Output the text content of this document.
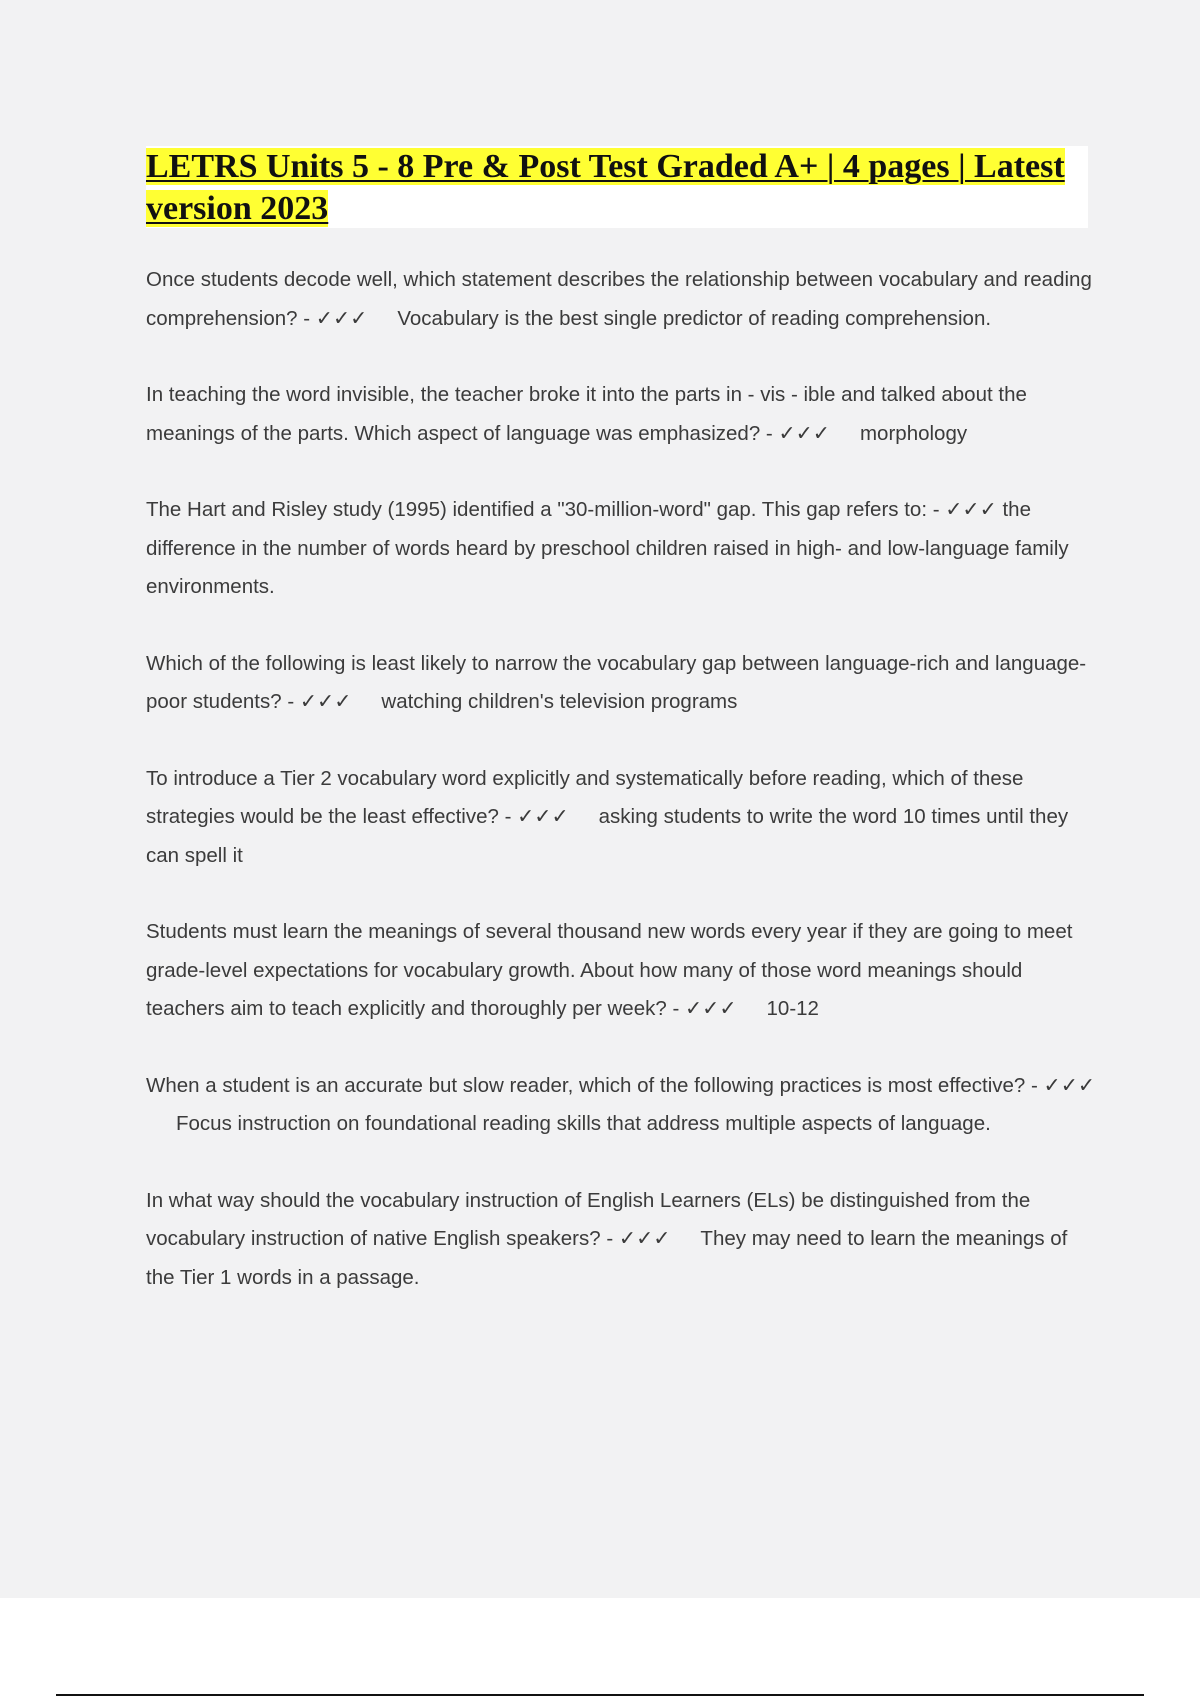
LETRS Units 5 - 8 Pre & Post Test Graded A+ | 4 pages | Latest version 2023
Once students decode well, which statement describes the relationship between vocabulary and reading comprehension? - ✓✓✓ Vocabulary is the best single predictor of reading comprehension.
In teaching the word invisible, the teacher broke it into the parts in - vis - ible and talked about the meanings of the parts. Which aspect of language was emphasized? - ✓✓✓ morphology
The Hart and Risley study (1995) identified a "30-million-word" gap. This gap refers to: - ✓✓✓ the difference in the number of words heard by preschool children raised in high- and low-language family environments.
Which of the following is least likely to narrow the vocabulary gap between language-rich and language-poor students? - ✓✓✓ watching children's television programs
To introduce a Tier 2 vocabulary word explicitly and systematically before reading, which of these strategies would be the least effective? - ✓✓✓ asking students to write the word 10 times until they can spell it
Students must learn the meanings of several thousand new words every year if they are going to meet grade-level expectations for vocabulary growth. About how many of those word meanings should teachers aim to teach explicitly and thoroughly per week? - ✓✓✓ 10-12
When a student is an accurate but slow reader, which of the following practices is most effective? - ✓✓✓Focus instruction on foundational reading skills that address multiple aspects of language.
In what way should the vocabulary instruction of English Learners (ELs) be distinguished from the vocabulary instruction of native English speakers? - ✓✓✓ They may need to learn the meanings of the Tier 1 words in a passage.
